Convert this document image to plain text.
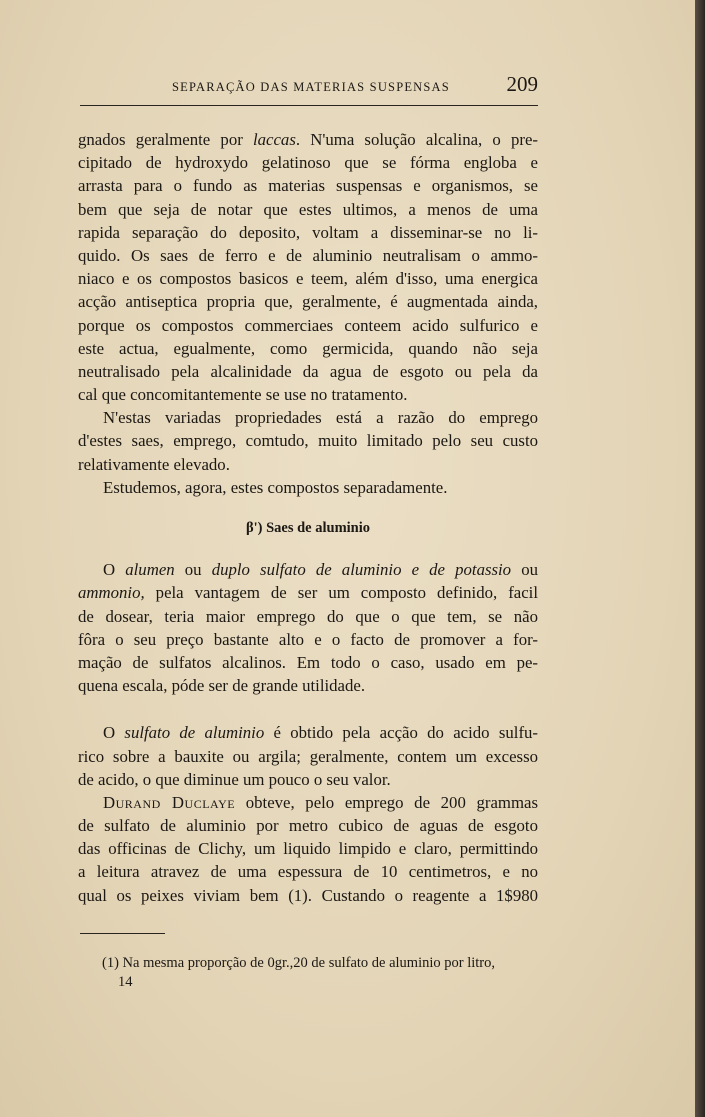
SEPARAÇÃO DAS MATERIAS SUSPENSAS	209
gnados geralmente por laccas. N'uma solução alcalina, o pre-
cipitado de hydroxydo gelatinoso que se fórma engloba e
arrasta para o fundo as materias suspensas e organismos, se
bem que seja de notar que estes ultimos, a menos de uma
rapida separação do deposito, voltam a disseminar-se no li-
quido. Os saes de ferro e de aluminio neutralisam o ammo-
niaco e os compostos basicos e teem, além d'isso, uma energica
acção antiseptica propria que, geralmente, é augmentada ainda,
porque os compostos commerciaes conteem acido sulfurico e
este actua, egualmente, como germicida, quando não seja
neutralisado pela alcalinidade da agua de esgoto ou pela da
cal que concomitantemente se use no tratamento.
N'estas variadas propriedades está a razão do emprego
d'estes saes, emprego, comtudo, muito limitado pelo seu custo
relativamente elevado.
Estudemos, agora, estes compostos separadamente.
β') Saes de aluminio
O alumen ou duplo sulfato de aluminio e de potassio ou
ammonio, pela vantagem de ser um composto definido, facil
de dosear, teria maior emprego do que o que tem, se não
fôra o seu preço bastante alto e o facto de promover a for-
mação de sulfatos alcalinos. Em todo o caso, usado em pe-
quena escala, póde ser de grande utilidade.
O sulfato de aluminio é obtido pela acção do acido sulfu-
rico sobre a bauxite ou argila; geralmente, contem um excesso
de acido, o que diminue um pouco o seu valor.
Durand Duclaye obteve, pelo emprego de 200 grammas
de sulfato de aluminio por metro cubico de aguas de esgoto
das officinas de Clichy, um liquido limpido e claro, permittindo
a leitura atravez de uma espessura de 10 centimetros, e no
qual os peixes viviam bem (1). Custando o reagente a 1$980
(1) Na mesma proporção de 0gr.,20 de sulfato de aluminio por litro,
14
